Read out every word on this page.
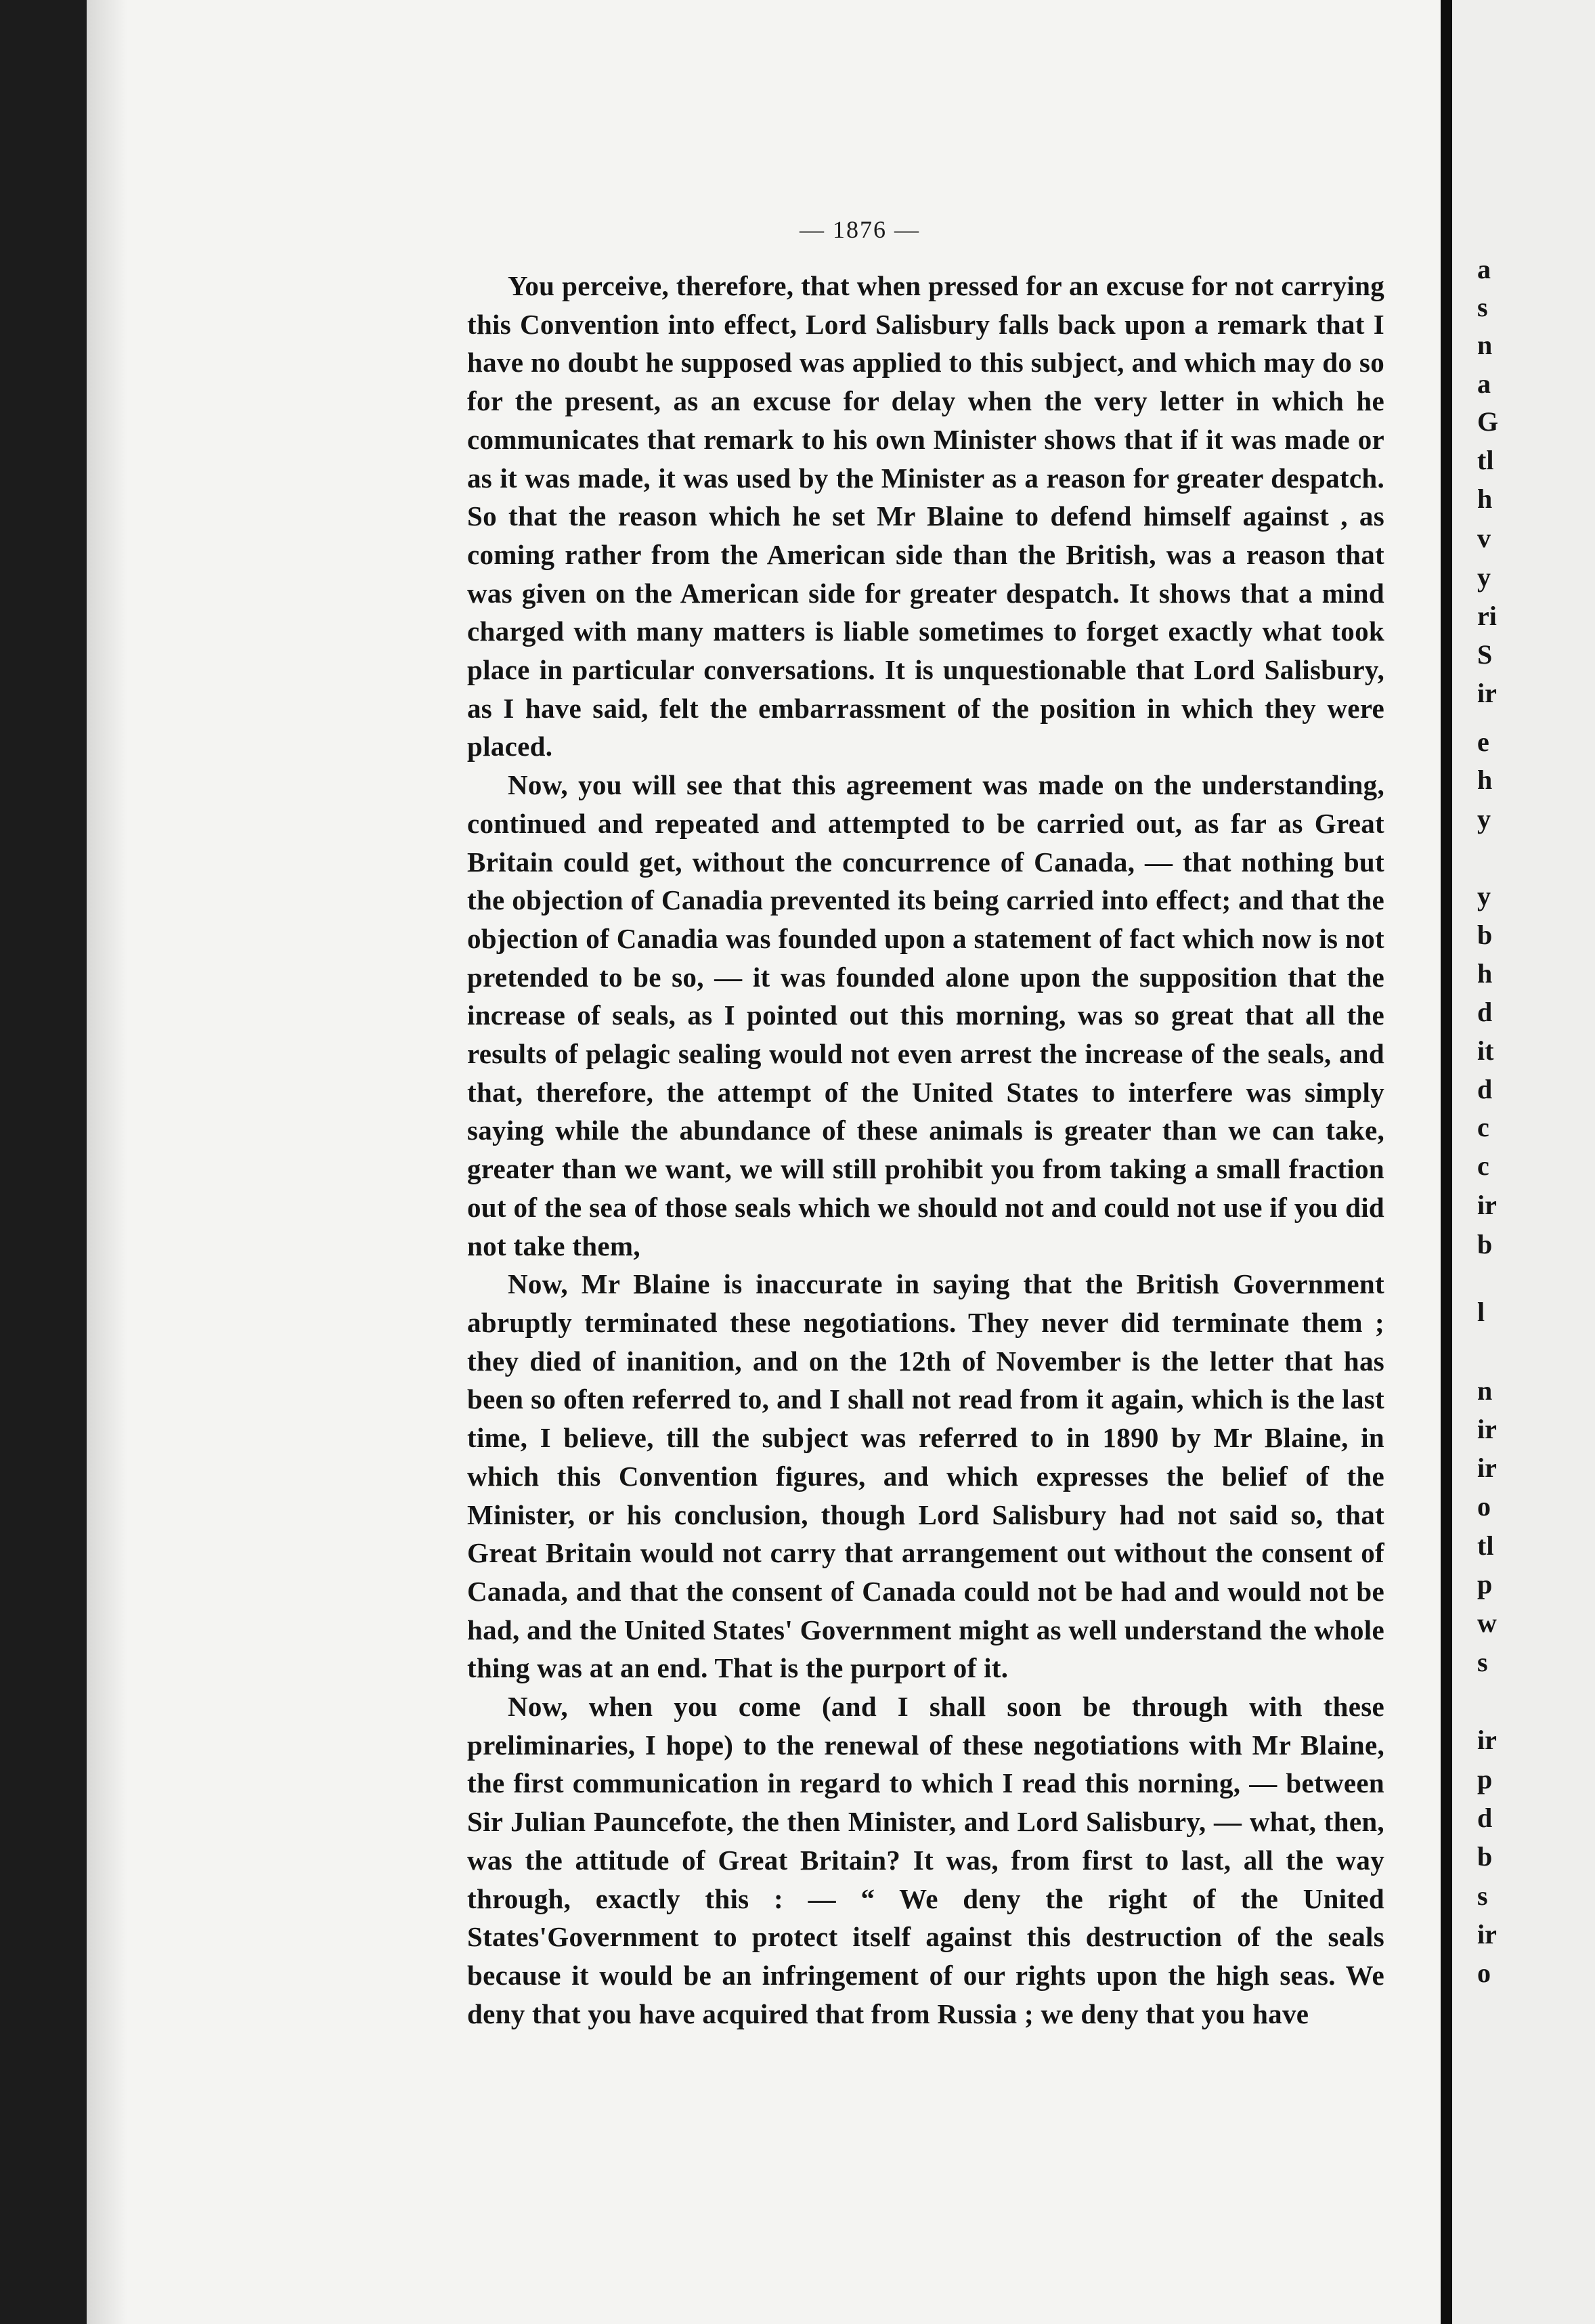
— 1876 —

You perceive, therefore, that when pressed for an excuse for not carrying this Convention into effect, Lord Salisbury falls back upon a remark that I have no doubt he supposed was applied to this subject, and which may do so for the present, as an excuse for delay when the very letter in which he communicates that remark to his own Minister shows that if it was made or as it was made, it was used by the Minister as a reason for greater despatch. So that the reason which he set Mr Blaine to defend himself against , as coming rather from the American side than the British, was a reason that was given on the American side for greater despatch. It shows that a mind charged with many matters is liable sometimes to forget exactly what took place in particular conversations. It is unquestionable that Lord Salisbury, as I have said, felt the embarrassment of the position in which they were placed.

Now, you will see that this agreement was made on the understanding, continued and repeated and attempted to be carried out, as far as Great Britain could get, without the concurrence of Canada, — that nothing but the objection of Canadia prevented its being carried into effect; and that the objection of Canadia was founded upon a statement of fact which now is not pretended to be so, — it was founded alone upon the supposition that the increase of seals, as I pointed out this morning, was so great that all the results of pelagic sealing would not even arrest the increase of the seals, and that, therefore, the attempt of the United States to interfere was simply saying while the abundance of these animals is greater than we can take, greater than we want, we will still prohibit you from taking a small fraction out of the sea of those seals which we should not and could not use if you did not take them,

Now, Mr Blaine is inaccurate in saying that the British Government abruptly terminated these negotiations. They never did terminate them ; they died of inanition, and on the 12th of November is the letter that has been so often referred to, and I shall not read from it again, which is the last time, I believe, till the subject was referred to in 1890 by Mr Blaine, in which this Convention figures, and which expresses the belief of the Minister, or his conclusion, though Lord Salisbury had not said so, that Great Britain would not carry that arrangement out without the consent of Canada, and that the consent of Canada could not be had and would not be had, and the United States' Government might as well understand the whole thing was at an end. That is the purport of it.

Now, when you come (and I shall soon be through with these preliminaries, I hope) to the renewal of these negotiations with Mr Blaine, the first communication in regard to which I read this norning, — between Sir Julian Pauncefote, the then Minister, and Lord Salisbury, — what, then, was the attitude of Great Britain? It was, from first to last, all the way through, exactly this : — “ We deny the right of the United States'Government to protect itself against this destruction of the seals because it would be an infringement of our rights upon the high seas. We deny that you have acquired that from Russia ; we deny that you have

a
s
n
a
G
tl
h
v
y
ri
S
ir
e
h
y
y
b
h
d
it
d
c
c
ir
b
l
n
ir
ir
o
tl
p
w
s
ir
p
d
b
s
ir
o
